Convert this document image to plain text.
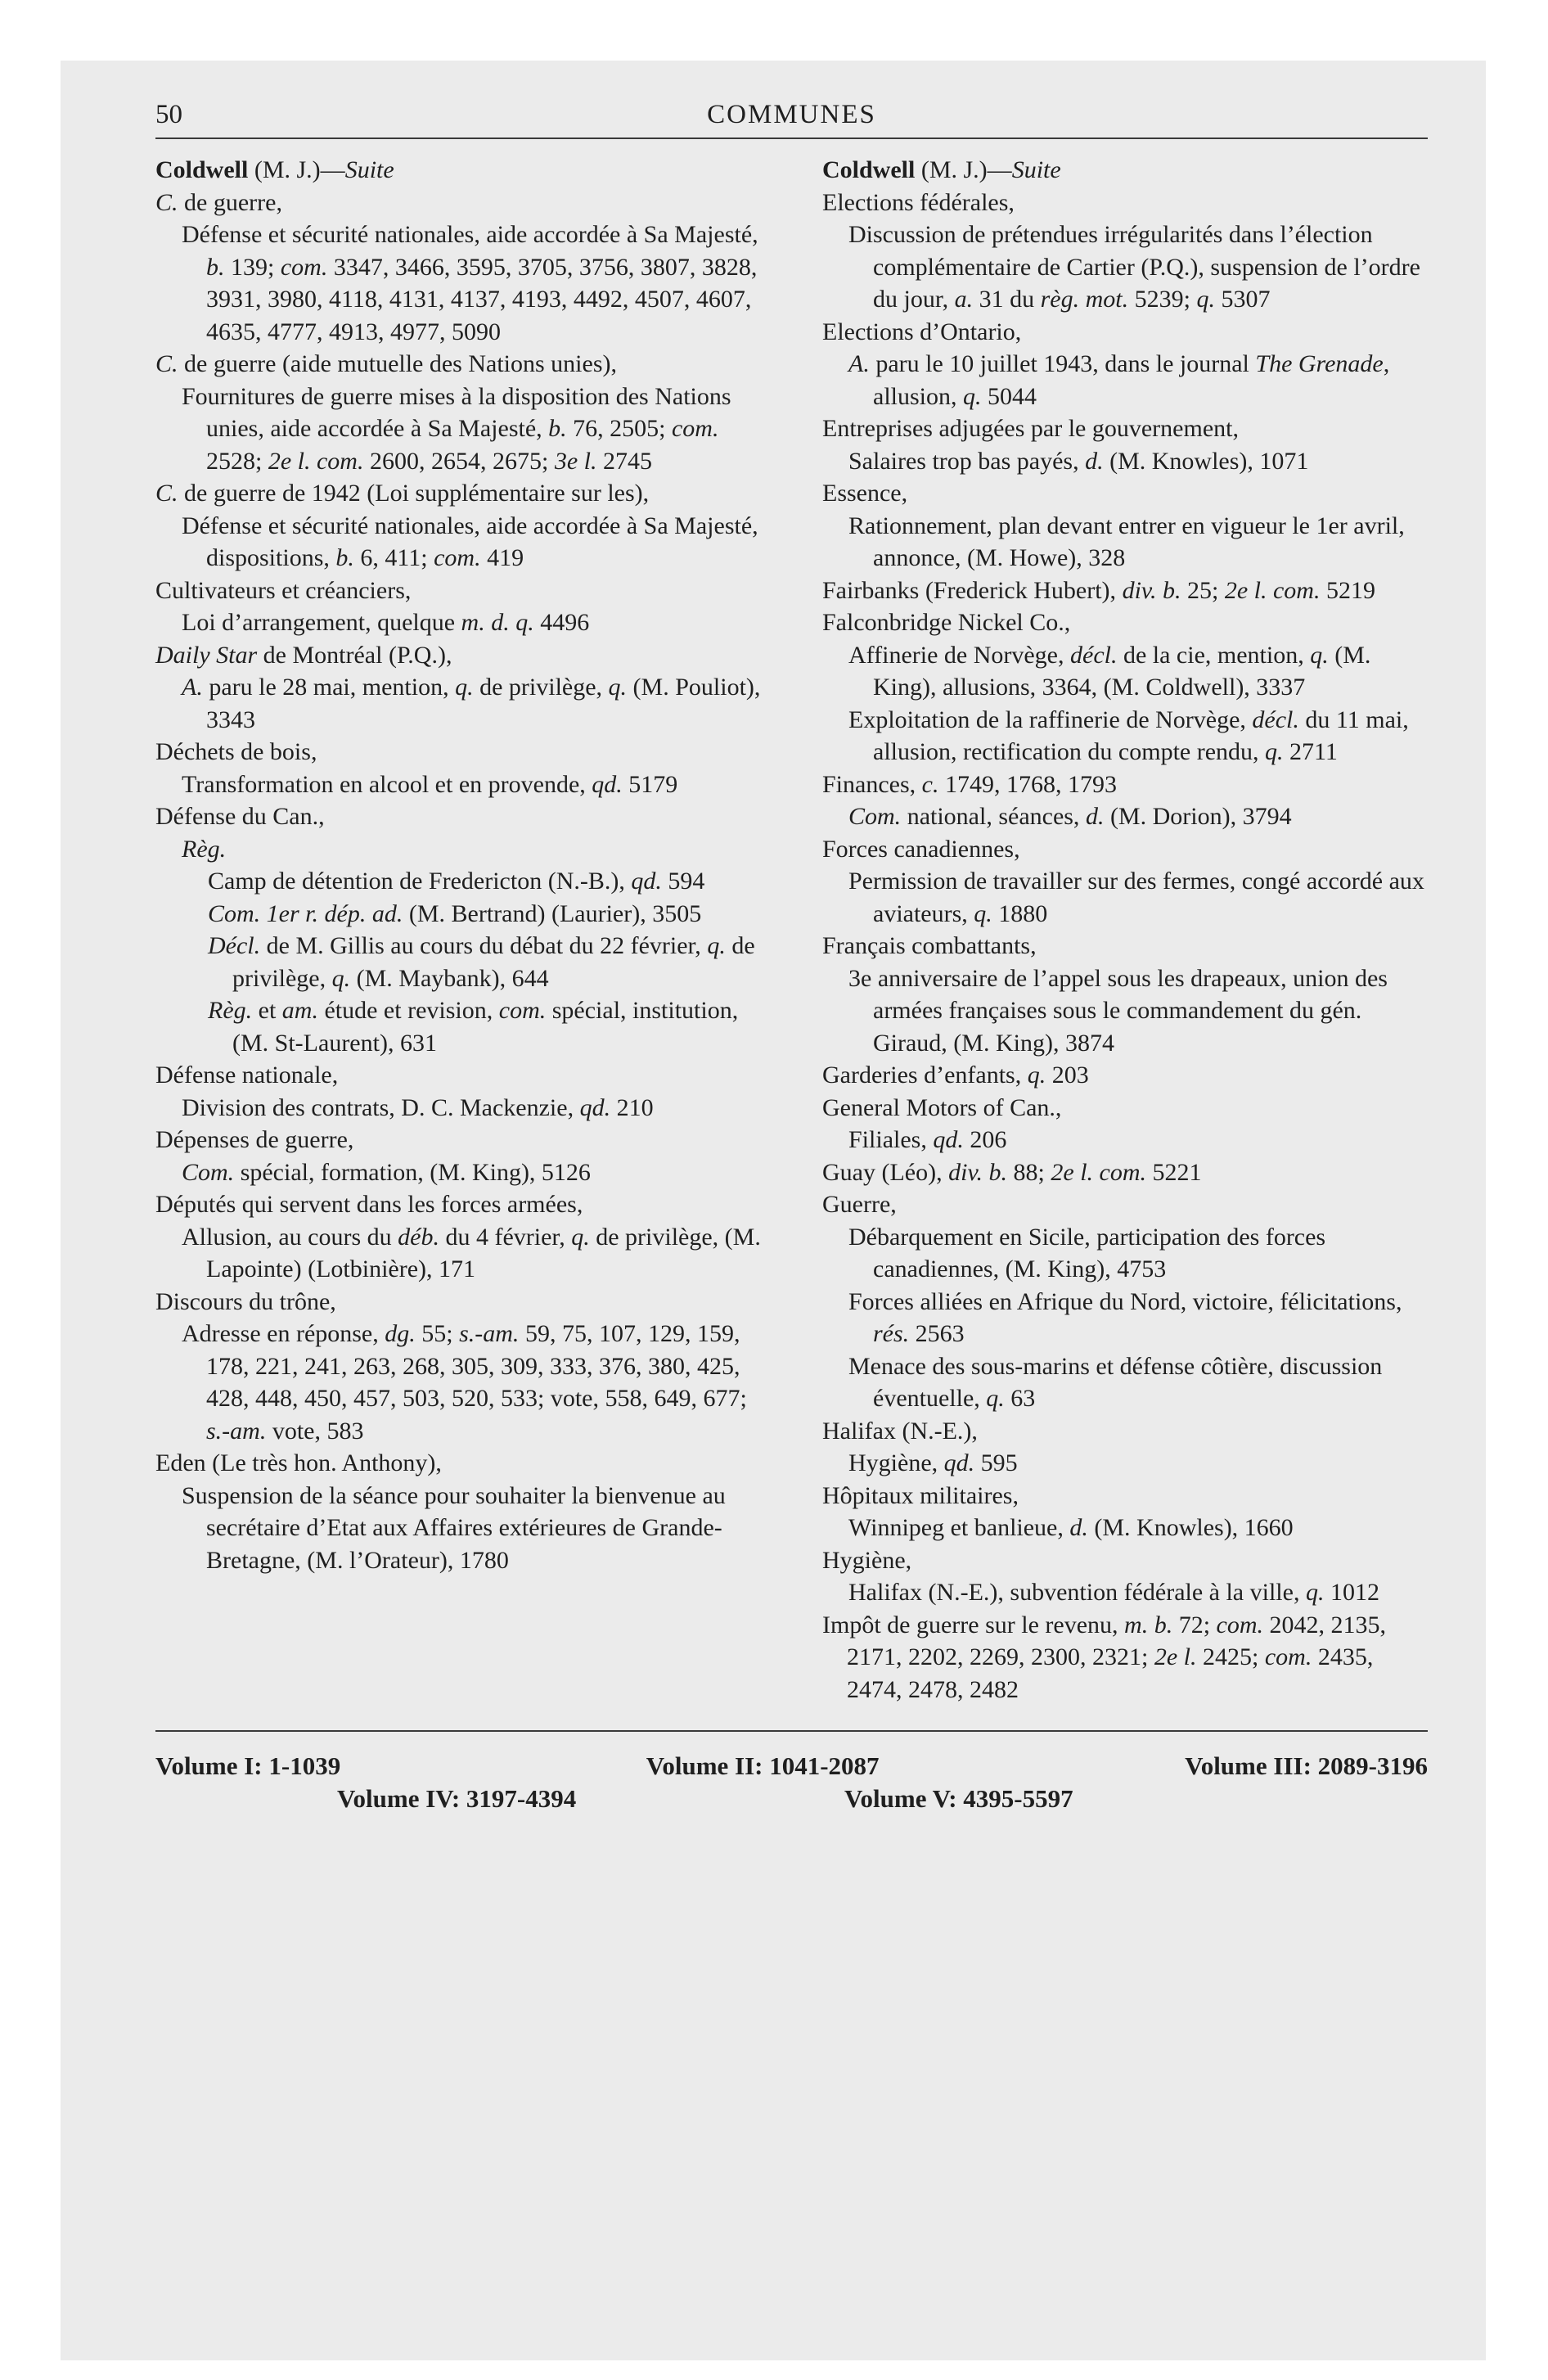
50	COMMUNES

Coldwell (M. J.)—Suite

C. de guerre,

Défense et sécurité nationales, aide accordée à Sa Majesté, b. 139; com. 3347, 3466, 3595, 3705, 3756, 3807, 3828, 3931, 3980, 4118, 4131, 4137, 4193, 4492, 4507, 4607, 4635, 4777, 4913, 4977, 5090

C. de guerre (aide mutuelle des Nations unies),

Fournitures de guerre mises à la disposition des Nations unies, aide accordée à Sa Majesté, b. 76, 2505; com. 2528; 2e l. com. 2600, 2654, 2675; 3e l. 2745

C. de guerre de 1942 (Loi supplémentaire sur les),

Défense et sécurité nationales, aide accordée à Sa Majesté, dispositions, b. 6, 411; com. 419

Cultivateurs et créanciers,

Loi d’arrangement, quelque m. d. q. 4496

Daily Star de Montréal (P.Q.),

A. paru le 28 mai, mention, q. de privilège, q. (M. Pouliot), 3343

Déchets de bois,

Transformation en alcool et en provende, qd. 5179

Défense du Can.,

Règ.

Camp de détention de Fredericton (N.-B.), qd. 594

Com. 1er r. dép. ad. (M. Bertrand) (Laurier), 3505

Décl. de M. Gillis au cours du débat du 22 février, q. de privilège, q. (M. Maybank), 644

Règ. et am. étude et revision, com. spécial, institution, (M. St-Laurent), 631

Défense nationale,

Division des contrats, D. C. Mackenzie, qd. 210

Dépenses de guerre,

Com. spécial, formation, (M. King), 5126

Députés qui servent dans les forces armées,

Allusion, au cours du déb. du 4 février, q. de privilège, (M. Lapointe) (Lotbinière), 171

Discours du trône,

Adresse en réponse, dg. 55; s.-am. 59, 75, 107, 129, 159, 178, 221, 241, 263, 268, 305, 309, 333, 376, 380, 425, 428, 448, 450, 457, 503, 520, 533; vote, 558, 649, 677; s.-am. vote, 583

Eden (Le très hon. Anthony),

Suspension de la séance pour souhaiter la bienvenue au secrétaire d’Etat aux Affaires extérieures de Grande-Bretagne, (M. l’Orateur), 1780

Coldwell (M. J.)—Suite

Elections fédérales,

Discussion de prétendues irrégularités dans l’élection complémentaire de Cartier (P.Q.), suspension de l’ordre du jour, a. 31 du règ. mot. 5239; q. 5307

Elections d’Ontario,

A. paru le 10 juillet 1943, dans le journal The Grenade, allusion, q. 5044

Entreprises adjugées par le gouvernement,

Salaires trop bas payés, d. (M. Knowles), 1071

Essence,

Rationnement, plan devant entrer en vigueur le 1er avril, annonce, (M. Howe), 328

Fairbanks (Frederick Hubert), div. b. 25; 2e l. com. 5219

Falconbridge Nickel Co.,

Affinerie de Norvège, décl. de la cie, mention, q. (M. King), allusions, 3364, (M. Coldwell), 3337

Exploitation de la raffinerie de Norvège, décl. du 11 mai, allusion, rectification du compte rendu, q. 2711

Finances, c. 1749, 1768, 1793

Com. national, séances, d. (M. Dorion), 3794

Forces canadiennes,

Permission de travailler sur des fermes, congé accordé aux aviateurs, q. 1880

Français combattants,

3e anniversaire de l’appel sous les drapeaux, union des armées françaises sous le commandement du gén. Giraud, (M. King), 3874

Garderies d’enfants, q. 203

General Motors of Can.,

Filiales, qd. 206

Guay (Léo), div. b. 88; 2e l. com. 5221

Guerre,

Débarquement en Sicile, participation des forces canadiennes, (M. King), 4753

Forces alliées en Afrique du Nord, victoire, félicitations, rés. 2563

Menace des sous-marins et défense côtière, discussion éventuelle, q. 63

Halifax (N.-E.),

Hygiène, qd. 595

Hôpitaux militaires,

Winnipeg et banlieue, d. (M. Knowles), 1660

Hygiène,

Halifax (N.-E.), subvention fédérale à la ville, q. 1012

Impôt de guerre sur le revenu, m. b. 72; com. 2042, 2135, 2171, 2202, 2269, 2300, 2321; 2e l. 2425; com. 2435, 2474, 2478, 2482

Volume I: 1-1039	Volume II: 1041-2087	Volume III: 2089-3196
Volume IV: 3197-4394	Volume V: 4395-5597
